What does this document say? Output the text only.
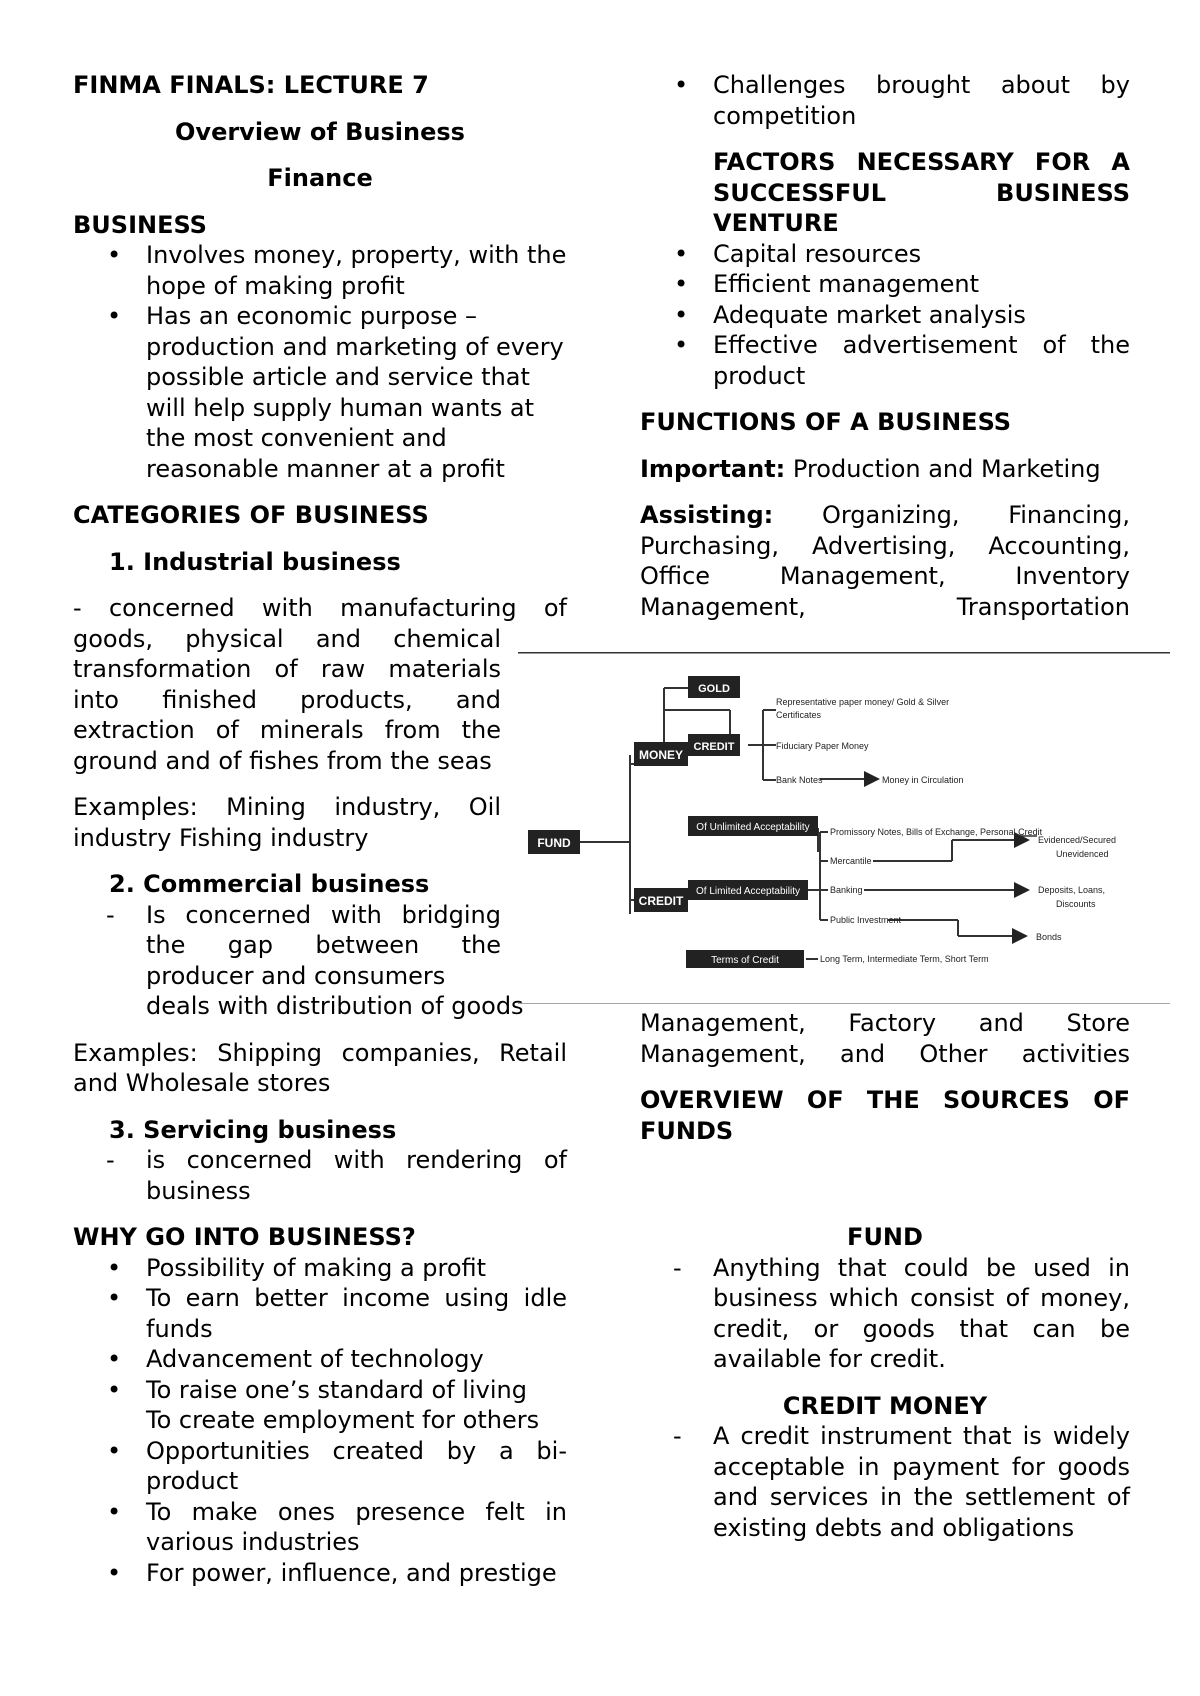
FINMA FINALS: LECTURE 7

Overview of Business

Finance

BUSINESS

• Involves money, property, with the hope of making profit
• Has an economic purpose – production and marketing of every possible article and service that will help supply human wants at the most convenient and reasonable manner at a profit

CATEGORIES OF BUSINESS

1. Industrial business

- concerned with manufacturing of

goods, physical and chemical transformation of raw materials into finished products, and extraction of minerals from the ground and of fishes from the seas

Examples: Mining industry, Oil industry Fishing industry

2. Commercial business

- Is concerned with bridging the gap between the producer and consumers
deals with distribution of goods

Examples: Shipping companies, Retail and Wholesale stores

3. Servicing business

- is concerned with rendering of business

WHY GO INTO BUSINESS?

• Possibility of making a profit
• To earn better income using idle funds
• Advancement of technology
• To raise one’s standard of living
To create employment for others
• Opportunities created by a bi-product
• To make ones presence felt in various industries
• For power, influence, and prestige
• Challenges brought about by competition

FACTORS NECESSARY FOR A SUCCESSFUL BUSINESS VENTURE

• Capital resources
• Efficient management
• Adequate market analysis
• Effective advertisement of the product

FUNCTIONS OF A BUSINESS

Important: Production and Marketing

Assisting: Organizing, Financing, Purchasing, Advertising, Accounting, Office Management, Inventory Management, Transportation

Management, Factory and Store Management, and Other activities

OVERVIEW OF THE SOURCES OF FUNDS

FUND

- Anything that could be used in business which consist of money, credit, or goods that can be available for credit.

CREDIT MONEY

- A credit instrument that is widely acceptable in payment for goods and services in the settlement of existing debts and obligations
FUND
MONEY
CREDIT
GOLD
CREDIT
Of Unlimited Acceptability
Of Limited Acceptability
Terms of Credit
Representative paper money/ Gold & Silver
Certificates
Fiduciary Paper Money
Bank Notes	Money in Circulation
Promissory Notes, Bills of Exchange, Personal Credit
Mercantile
Banking
Public Investment
Evidenced/Secured
Unevidenced
Deposits, Loans,
Discounts
Bonds
Long Term, Intermediate Term, Short Term
